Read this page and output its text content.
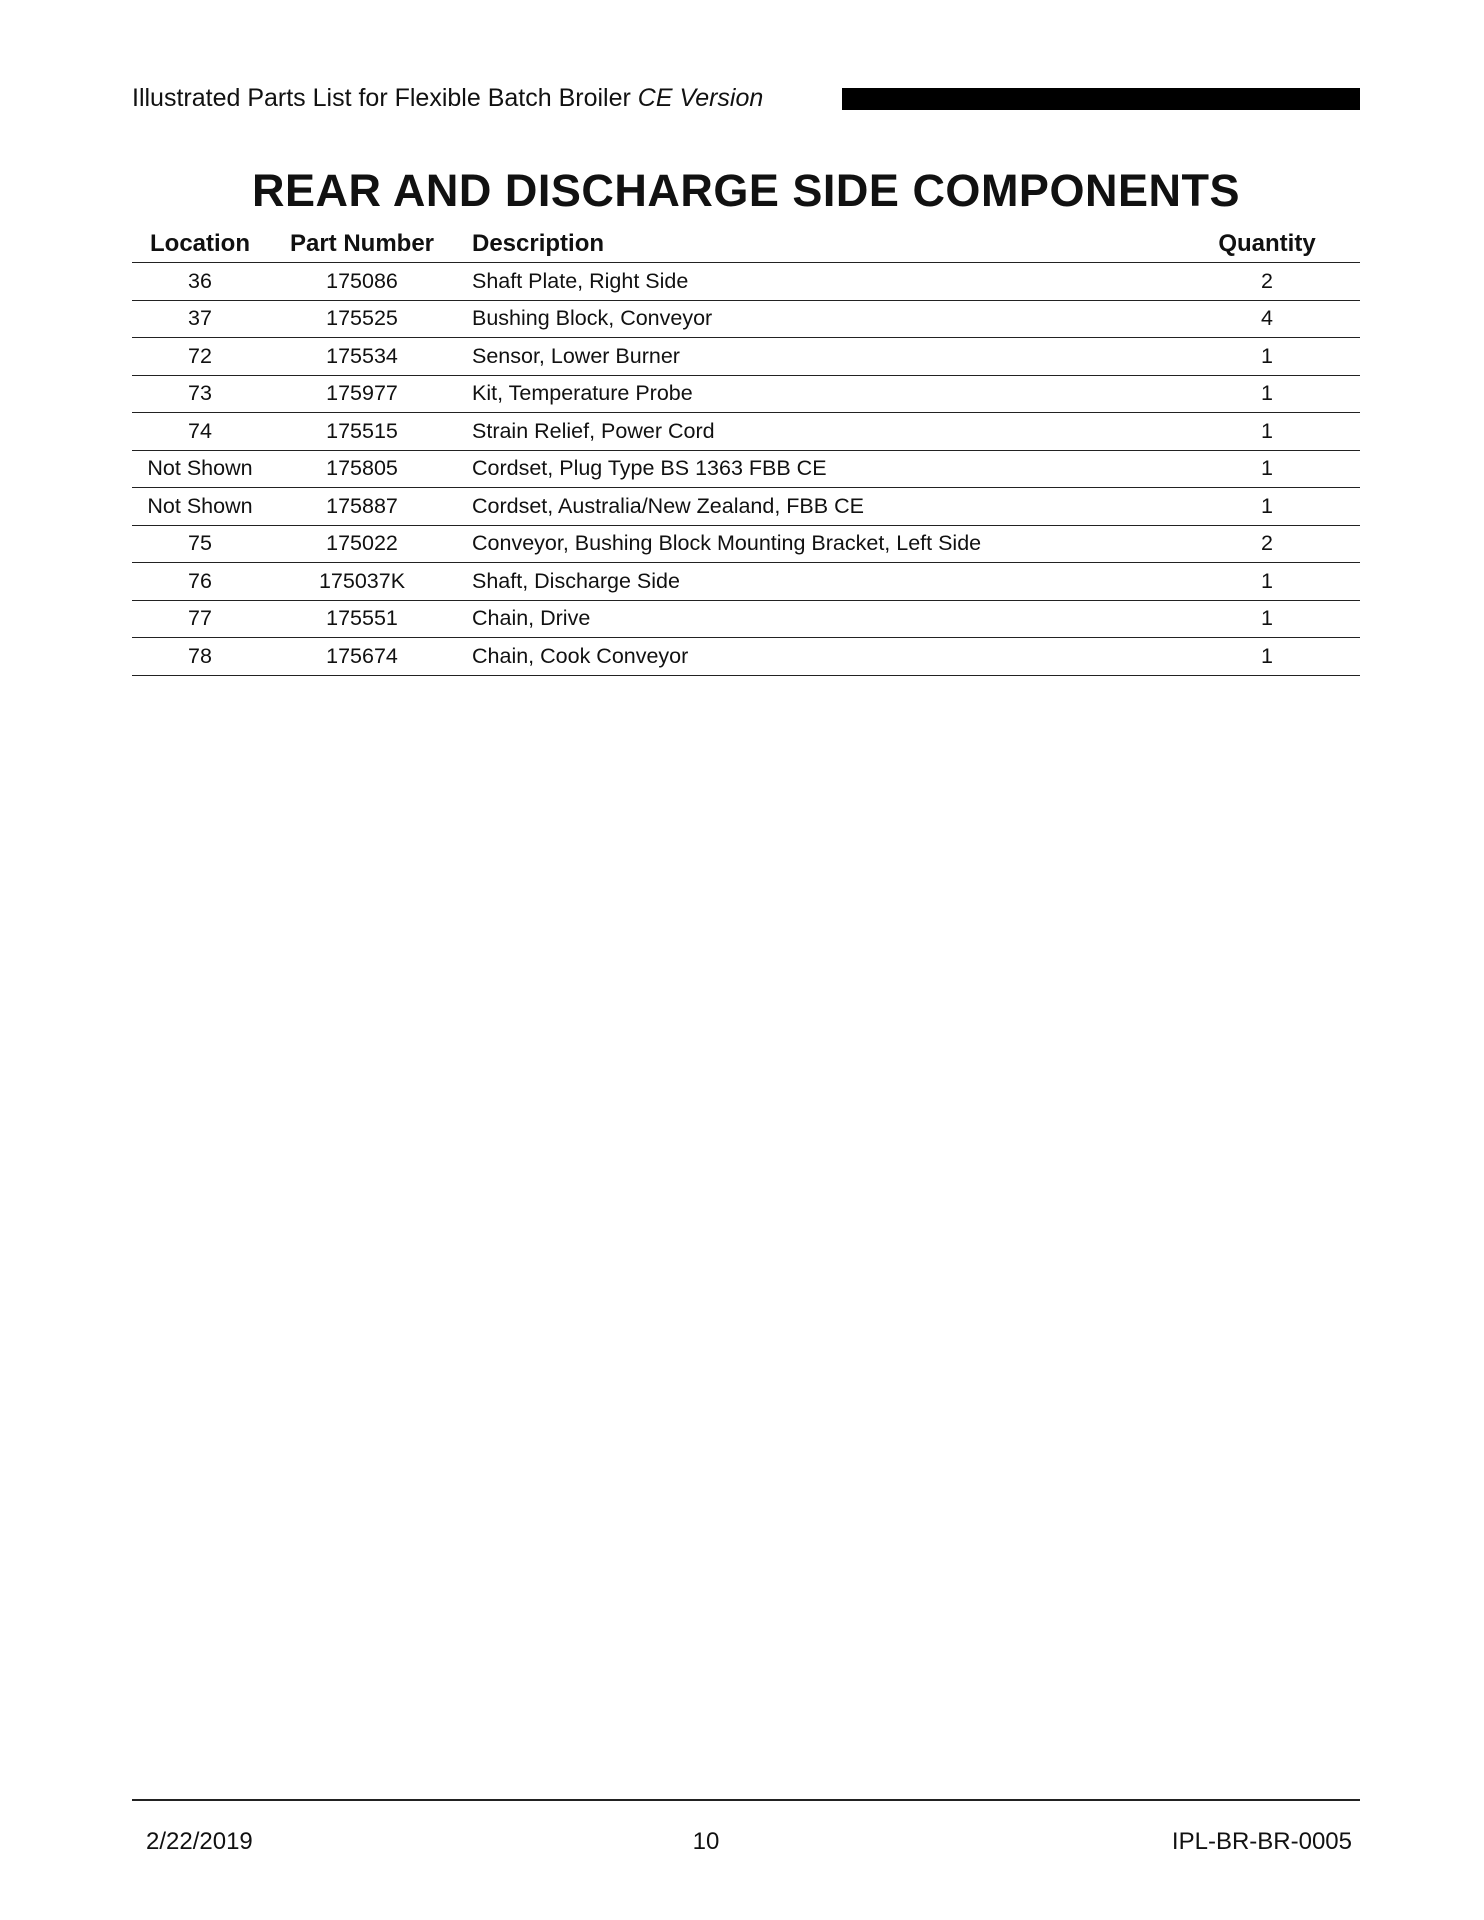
Illustrated Parts List for Flexible Batch Broiler CE Version
REAR AND DISCHARGE SIDE COMPONENTS
Location	Part Number	Description	Quantity
36	175086	Shaft Plate, Right Side	2
37	175525	Bushing Block, Conveyor	4
72	175534	Sensor, Lower Burner	1
73	175977	Kit, Temperature Probe	1
74	175515	Strain Relief, Power Cord	1
Not Shown	175805	Cordset, Plug Type BS 1363 FBB CE	1
Not Shown	175887	Cordset, Australia/New Zealand, FBB CE	1
75	175022	Conveyor, Bushing Block Mounting Bracket, Left Side	2
76	175037K	Shaft, Discharge Side	1
77	175551	Chain, Drive	1
78	175674	Chain, Cook Conveyor	1
2/22/2019	10	IPL-BR-BR-0005
